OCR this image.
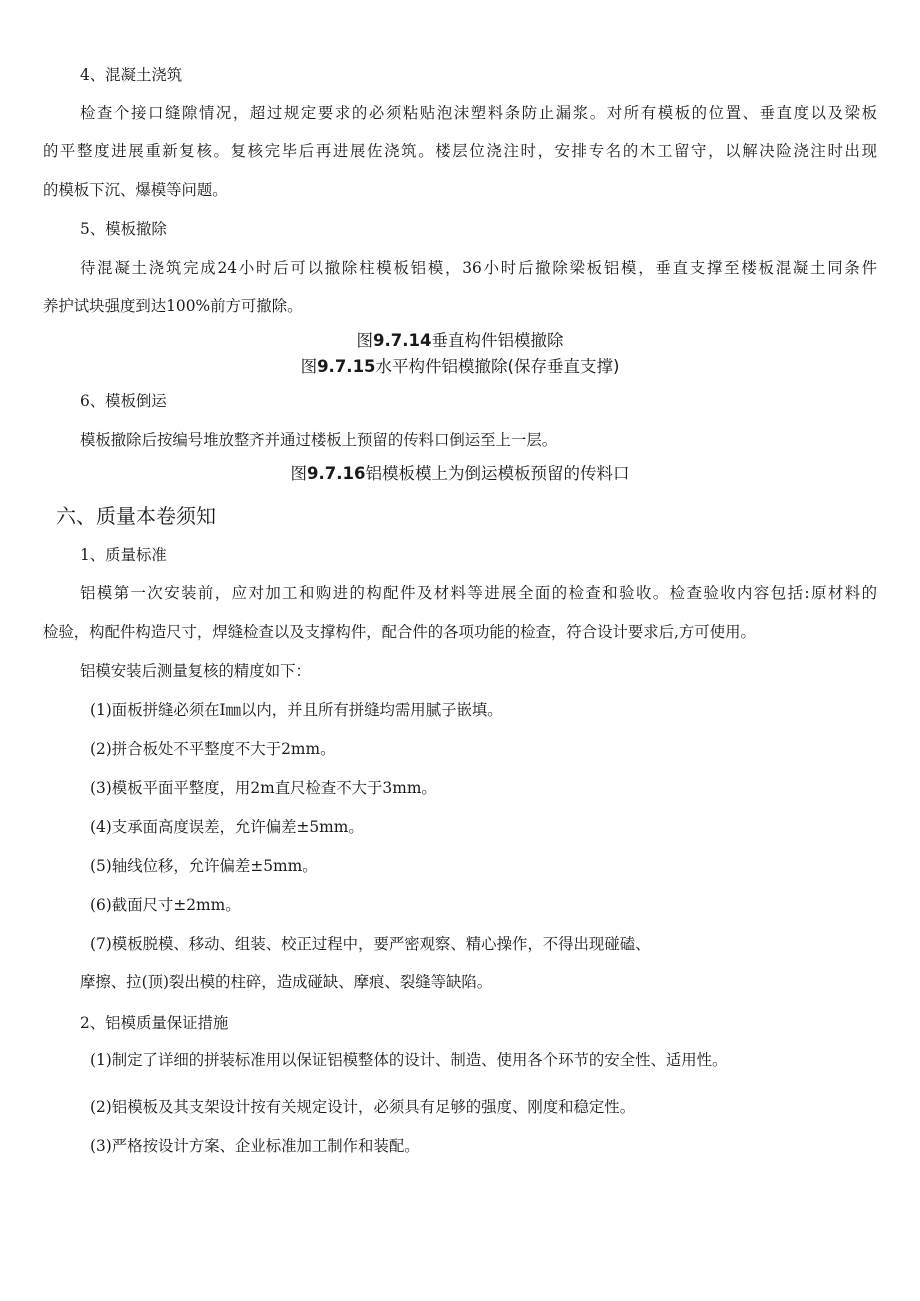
4、混凝土浇筑
检查个接口缝隙情况，超过规定要求的必须粘贴泡沫塑料条防止漏浆。对所有模板的位置、垂直度以及梁板
的平整度进展重新复核。复核完毕后再进展佐浇筑。楼层位浇注时，安排专名的木工留守，以解决险浇注时出现
的模板下沉、爆模等问题。
5、模板撤除
待混凝土浇筑完成24小时后可以撤除柱模板铝模，36小时后撤除梁板铝模，垂直支撑至楼板混凝土同条件
养护试块强度到达100%前方可撤除。
图9.7.14垂直构件铝模撤除
图9.7.15水平构件铝模撤除(保存垂直支撑)
6、模板倒运
模板撤除后按编号堆放整齐并通过楼板上预留的传料口倒运至上一层。
图9.7.16铝模板模上为倒运模板预留的传料口
六、质量本卷须知
1、质量标准
铝模第一次安装前，应对加工和购进的构配件及材料等进展全面的检查和验收。检查验收内容包括:原材料的
检验，构配件构造尺寸，焊缝检查以及支撑构件，配合件的各项功能的检查，符合设计要求后,方可使用。
铝模安装后测量复核的精度如下：
(1)面板拼缝必须在I㎜以内，并且所有拼缝均需用腻子嵌填。
(2)拼合板处不平整度不大于2mm。
(3)模板平面平整度，用2m直尺检查不大于3mm。
(4)支承面高度误差，允许偏差±5mm。
(5)轴线位移，允许偏差±5mm。
(6)截面尺寸±2mm。
(7)模板脱模、移动、组装、校正过程中，要严密观察、精心操作，不得出现碰磕、
摩擦、拉(顶)裂出模的柱碎，造成碰缺、摩痕、裂缝等缺陷。
2、铝模质量保证措施
(1)制定了详细的拼装标准用以保证铝模整体的设计、制造、使用各个环节的安全性、适用性。
(2)铝模板及其支架设计按有关规定设计，必须具有足够的强度、刚度和稳定性。
(3)严格按设计方案、企业标准加工制作和装配。
